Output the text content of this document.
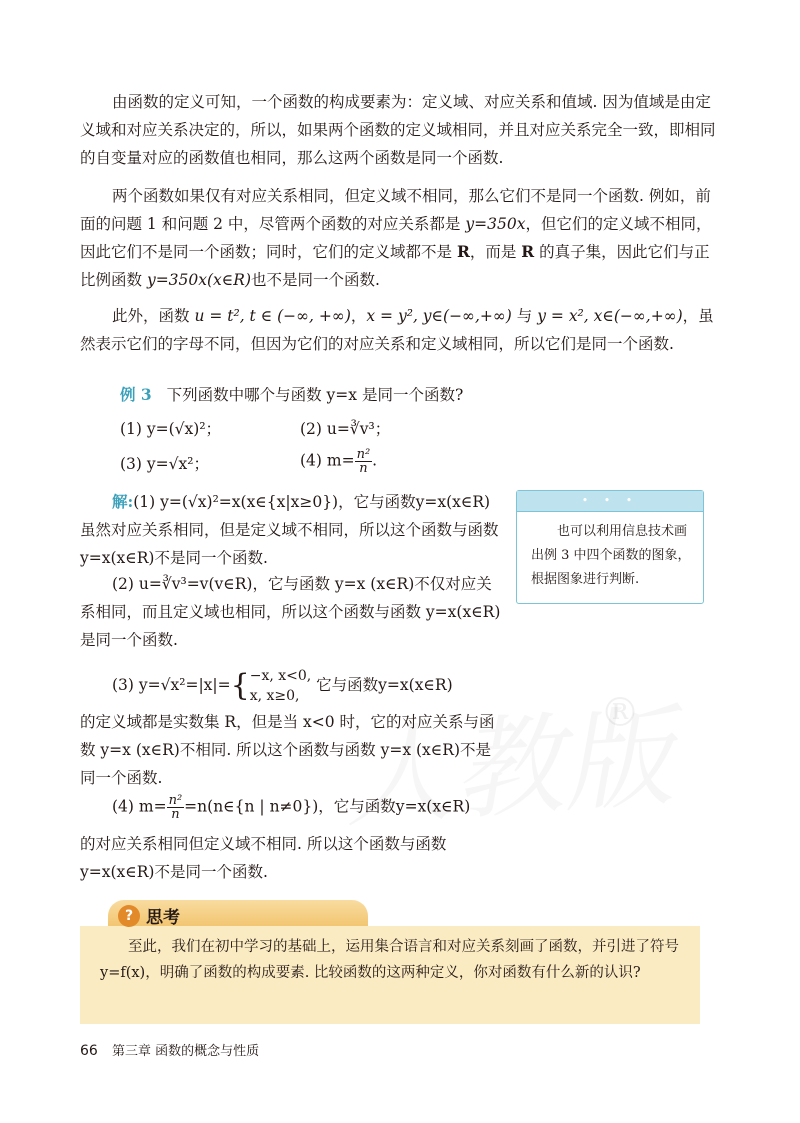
®

由函数的定义可知，一个函数的构成要素为：定义域、对应关系和值域. 因为值域是由定义域和对应关系决定的，所以，如果两个函数的定义域相同，并且对应关系完全一致，即相同的自变量对应的函数值也相同，那么这两个函数是同一个函数.

两个函数如果仅有对应关系相同，但定义域不相同，那么它们不是同一个函数. 例如，前面的问题 1 和问题 2 中，尽管两个函数的对应关系都是 y=350x，但它们的定义域不相同，因此它们不是同一个函数；同时，它们的定义域都不是 R，而是 R 的真子集，因此它们与正比例函数 y=350x(x∈R)也不是同一个函数.

此外，函数 u = t², t ∈ (−∞, +∞)，x = y², y∈(−∞,+∞) 与 y = x², x∈(−∞,+∞)，虽然表示它们的字母不同，但因为它们的对应关系和定义域相同，所以它们是同一个函数.

例 3 下列函数中哪个与函数 y=x 是同一个函数?
(1) y=(√x)²；	(2) u=∛v³；
(3) y=√x²；	(4) $m= \frac{\text{n²}}{n}$ .

解:(1) y=(√x)²=x(x∈{x|x≥0})，它与函数y=x(x∈R)虽然对应关系相同，但是定义域不相同，所以这个函数与函数 y=x(x∈R)不是同一个函数.

(2) u=∛v³=v(v∈R)，它与函数 y=x (x∈R)不仅对应关系相同，而且定义域也相同，所以这个函数与函数 y=x(x∈R) 是同一个函数.

(3) y=√x²=|x|={ −x, x<0,
x, x≥0,
它与函数y=x(x∈R)

的定义域都是实数集 R，但是当 x<0 时，它的对应关系与函数 y=x (x∈R)不相同. 所以这个函数与函数 y=x (x∈R)不是同一个函数.

(4) $m= \frac{\text{n²}}{n}$ =n(n∈{n | n≠0})，它与函数y=x(x∈R)

的对应关系相同但定义域不相同. 所以这个函数与函数y=x(x∈R)不是同一个函数.

• • •
也可以利用信息技术画出例 3 中四个函数的图象，根据图象进行判断.
? 思考
至此，我们在初中学习的基础上，运用集合语言和对应关系刻画了函数，并引进了符号 y=f(x)，明确了函数的构成要素. 比较函数的这两种定义，你对函数有什么新的认识?
66 第三章 函数的概念与性质
